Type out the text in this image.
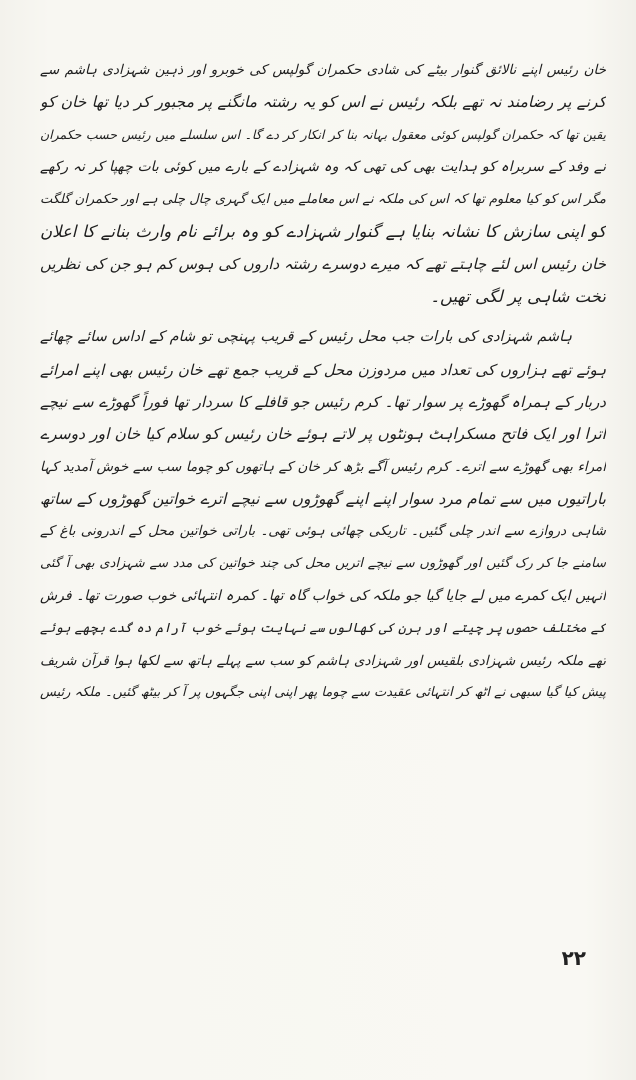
خان رئیس اپنے نالائق گنوار بیٹے کی شادی حکمران گولپس کی خوبرو اور ذہین شہزادی ہاشم سے
کرنے پر رضامند نہ تھے بلکہ رئیس نے اس کو یہ رشتہ مانگنے پر مجبور کر دیا تھا خان کو
یقین تھا کہ حکمران گولپس کوئی معقول بہانہ بنا کر انکار کر دے گا۔ اس سلسلے میں رئیس حسب حکمران
نے وفد کے سربراہ کو ہدایت بھی کی تھی کہ وہ شہزادے کے بارے میں کوئی بات چھپا کر نہ رکھے
مگر اس کو کیا معلوم تھا کہ اس کی ملکہ نے اس معاملے میں ایک گہری چال چلی ہے اور حکمران گلگت
کو اپنی سازش کا نشانہ بنایا ہے گنوار شہزادے کو وہ برائے نام وارث بنانے کا اعلان
خان رئیس اس لئے چاہتے تھے کہ میرے دوسرے رشتہ داروں کی ہوس کم ہو جن کی نظریں
تخت شاہی پر لگی تھیں۔
ہاشم شہزادی کی بارات جب محل رئیس کے قریب پہنچی تو شام کے اداس سائے چھائے
ہوئے تھے ہزاروں کی تعداد میں مردوزن محل کے قریب جمع تھے خان رئیس بھی اپنے امرائے
دربار کے ہمراہ گھوڑے پر سوار تھا۔ کرم رئیس جو قافلے کا سردار تھا فوراً گھوڑے سے نیچے
اترا اور ایک فاتح مسکراہٹ ہونٹوں پر لاتے ہوئے خان رئیس کو سلام کیا خان اور دوسرے
امراء بھی گھوڑے سے اترے۔ کرم رئیس آگے بڑھ کر خان کے ہاتھوں کو چوما سب سے خوش آمدید کہا
باراتیوں میں سے تمام مرد سوار اپنے اپنے گھوڑوں سے نیچے اترے خواتین گھوڑوں کے ساتھ
شاہی دروازے سے اندر چلی گئیں۔ تاریکی چھائی ہوئی تھی۔ باراتی خواتین محل کے اندرونی باغ کے
سامنے جا کر رک گئیں اور گھوڑوں سے نیچے اتریں محل کی چند خواتین کی مدد سے شہزادی بھی آ گئی
انہیں ایک کمرے میں لے جایا گیا جو ملکہ کی خواب گاہ تھا۔ کمرہ انتہائی خوب صورت تھا۔ فرش
کے مختلف حصوں پر چیتے اور ہرن کی کھالوں سے نہایت ہوئے خوب آرام دہ گدے بچھے ہوئے
تھے ملکہ رئیس شہزادی بلقیس اور شہزادی ہاشم کو سب سے پہلے ہاتھ سے لکھا ہوا قرآن شریف
پیش کیا گیا سبھی نے اٹھ کر انتہائی عقیدت سے چوما پھر اپنی اپنی جگہوں پر آ کر بیٹھ گئیں۔ ملکہ رئیس
۲۲
